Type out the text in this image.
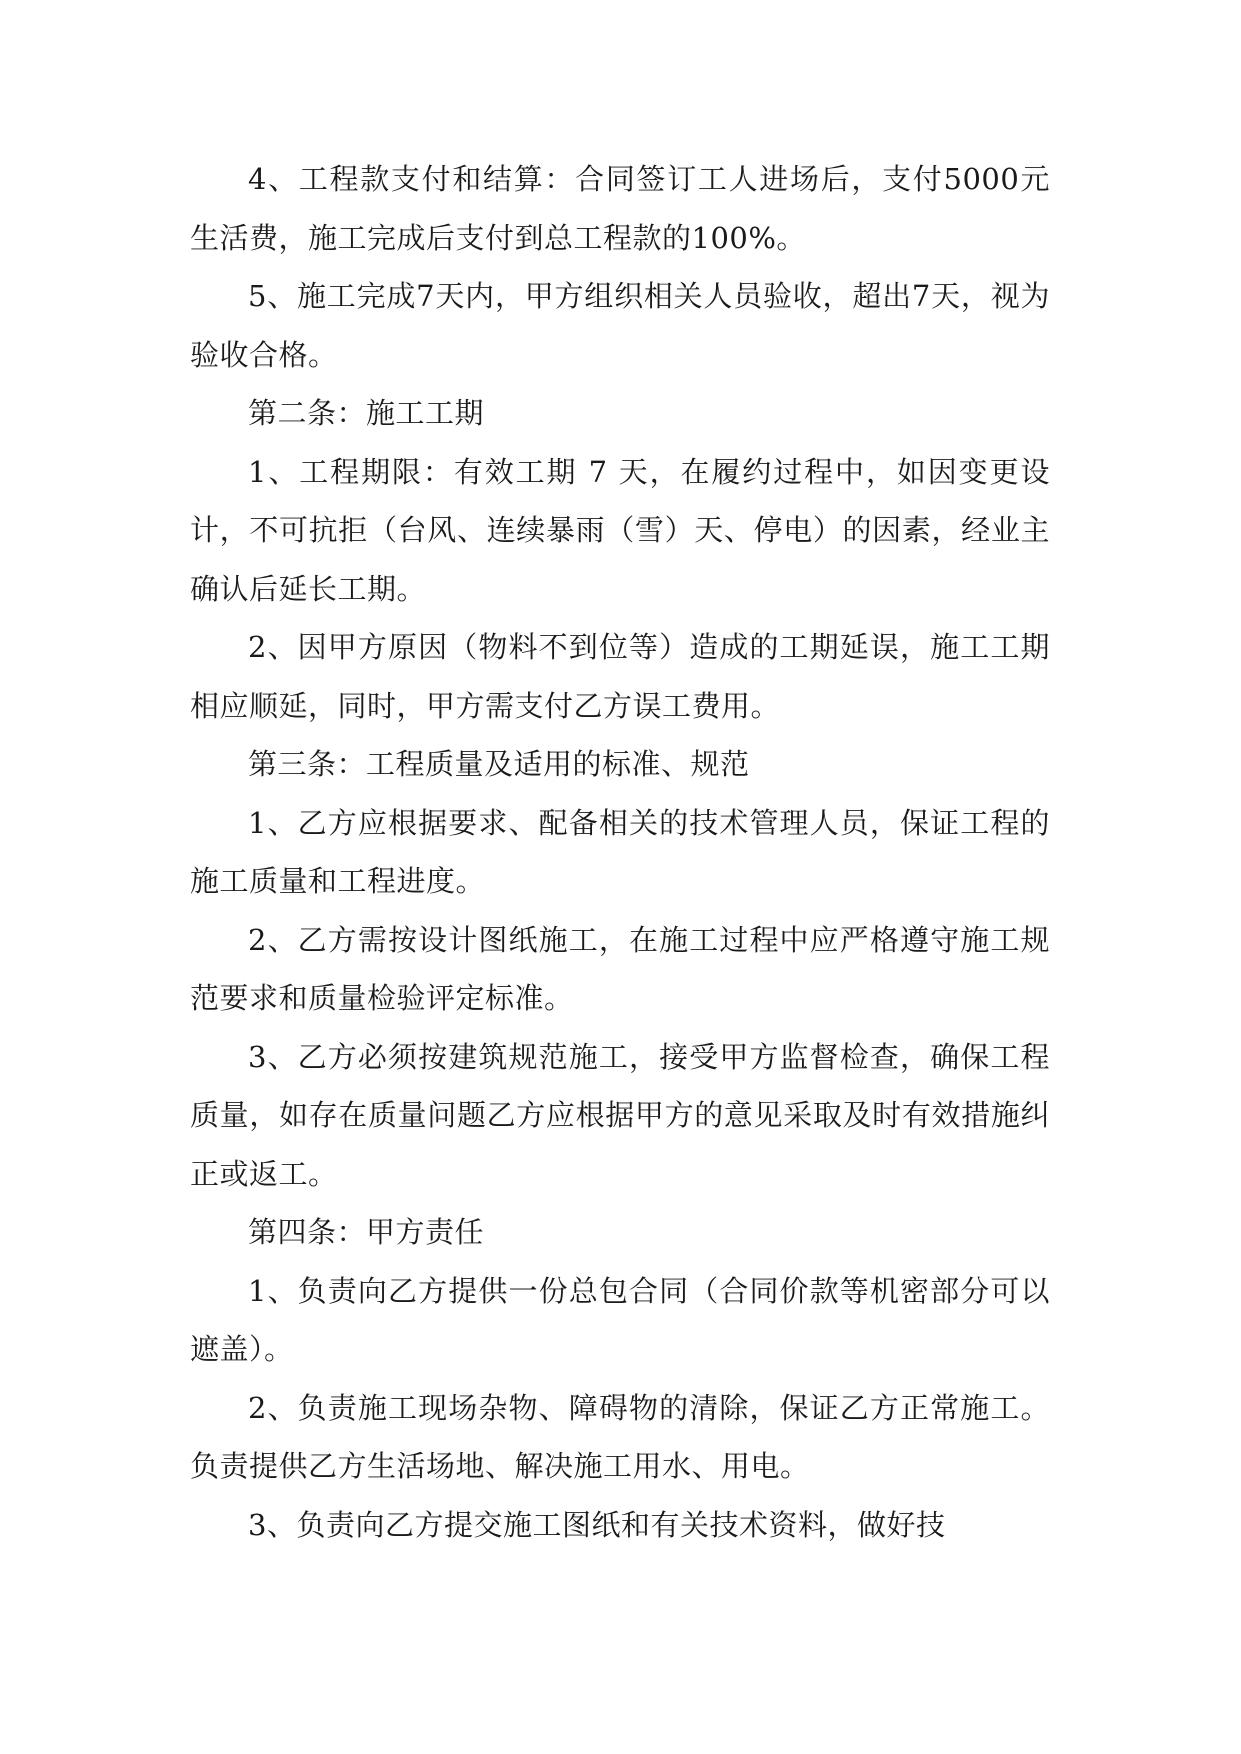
4、工程款支付和结算：合同签订工人进场后，支付5000元生活费，施工完成后支付到总工程款的100%。

5、施工完成7天内，甲方组织相关人员验收，超出7天，视为验收合格。

第二条：施工工期

1、工程期限：有效工期 7 天，在履约过程中，如因变更设计，不可抗拒（台风、连续暴雨（雪）天、停电）的因素，经业主确认后延长工期。

2、因甲方原因（物料不到位等）造成的工期延误，施工工期相应顺延，同时，甲方需支付乙方误工费用。

第三条：工程质量及适用的标准、规范

1、乙方应根据要求、配备相关的技术管理人员，保证工程的施工质量和工程进度。

2、乙方需按设计图纸施工，在施工过程中应严格遵守施工规范要求和质量检验评定标准。

3、乙方必须按建筑规范施工，接受甲方监督检查，确保工程质量，如存在质量问题乙方应根据甲方的意见采取及时有效措施纠正或返工。

第四条：甲方责任

1、负责向乙方提供一份总包合同（合同价款等机密部分可以遮盖）。

2、负责施工现场杂物、障碍物的清除，保证乙方正常施工。负责提供乙方生活场地、解决施工用水、用电。

3、负责向乙方提交施工图纸和有关技术资料，做好技
